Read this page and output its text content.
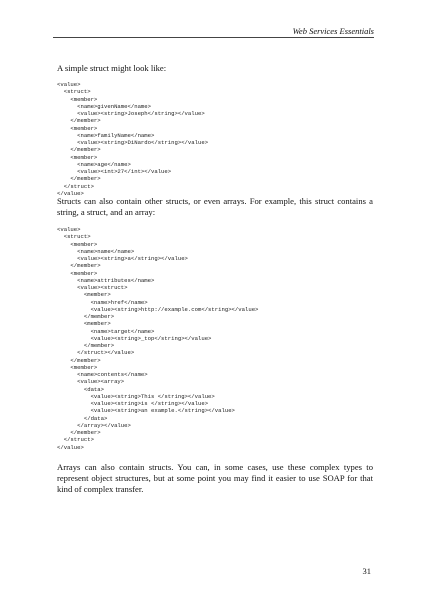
Web Services Essentials

A simple struct might look like:

<value>
<struct>
<member>
<name>givenName</name>
<value><string>Joseph</string></value>
</member>
<member>
<name>familyName</name>
<value><string>DiNardo</string></value>
</member>
<member>
<name>age</name>
<value><int>27</int></value>
</member>
</struct>
</value>

Structs can also contain other structs, or even arrays. For example, this struct contains a string, a struct, and an array:

<value>
<struct>
<member>
<name>name</name>
<value><string>a</string></value>
</member>
<member>
<name>attributes</name>
<value><struct>
<member>
<name>href</name>
<value><string>http://example.com</string></value>
</member>
<member>
<name>target</name>
<value><string>_top</string></value>
</member>
</struct></value>
</member>
<member>
<name>contents</name>
<value><array>
<data>
<value><string>This </string></value>
<value><string>is </string></value>
<value><string>an example.</string></value>
</data>
</array></value>
</member>
</struct>
</value>

Arrays can also contain structs. You can, in some cases, use these complex types to represent object structures, but at some point you may find it easier to use SOAP for that kind of complex transfer.

31
